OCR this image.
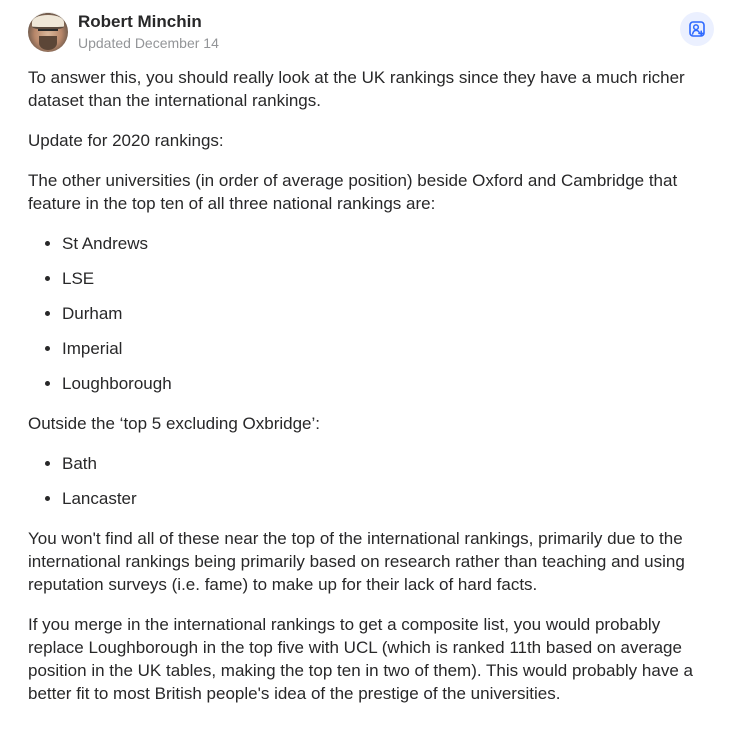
Robert Minchin
Updated December 14

To answer this, you should really look at the UK rankings since they have a much richer dataset than the international rankings.

Update for 2020 rankings:

The other universities (in order of average position) beside Oxford and Cambridge that feature in the top ten of all three national rankings are:

• St Andrews
• LSE
• Durham
• Imperial
• Loughborough

Outside the ‘top 5 excluding Oxbridge’:

• Bath
• Lancaster

You won't find all of these near the top of the international rankings, primarily due to the international rankings being primarily based on research rather than teaching and using reputation surveys (i.e. fame) to make up for their lack of hard facts.

If you merge in the international rankings to get a composite list, you would probably replace Loughborough in the top five with UCL (which is ranked 11th based on average position in the UK tables, making the top ten in two of them). This would probably have a better fit to most British people's idea of the prestige of the universities.
